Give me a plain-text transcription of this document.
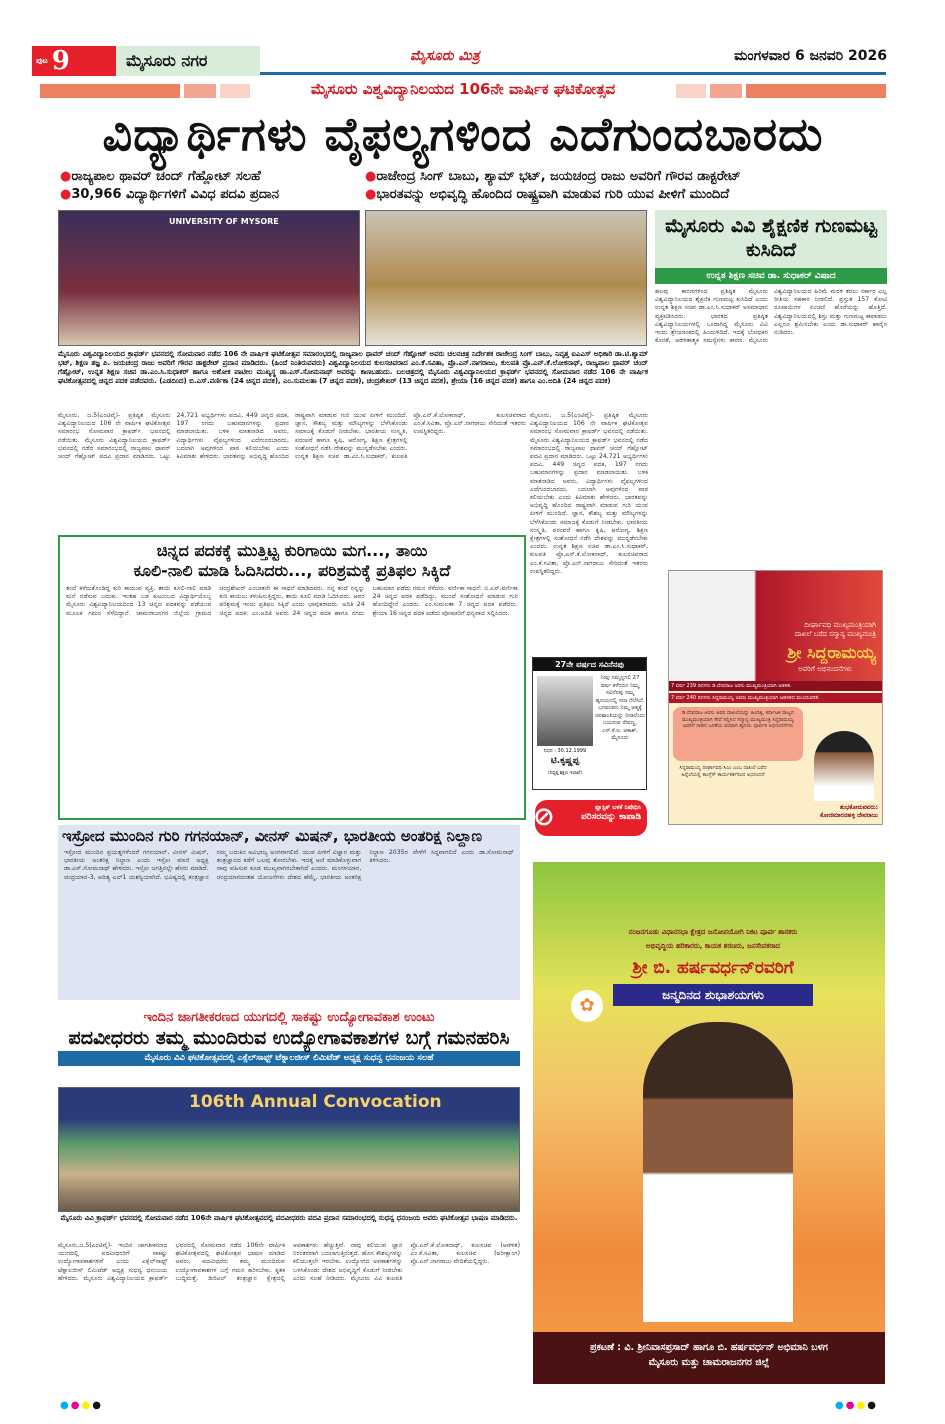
ಪುಟ 9	ಮೈಸೂರು ನಗರ	ಮೈಸೂರು ಮಿತ್ರ	ಮಂಗಳವಾರ 6 ಜನವರಿ 2026
ಮೈಸೂರು ವಿಶ್ವವಿದ್ಯಾನಿಲಯದ 106ನೇ ವಾರ್ಷಿಕ ಘಟಿಕೋತ್ಸವ
ವಿದ್ಯಾರ್ಥಿಗಳು ವೈಫಲ್ಯಗಳಿಂದ ಎದೆಗುಂದಬಾರದು
●ರಾಜ್ಯಪಾಲ ಥಾವರ್ ಚಂದ್ ಗೆಹ್ಲೋಟ್ ಸಲಹೆ
●30,966 ವಿದ್ಯಾರ್ಥಿಗಳಿಗೆ ವಿವಿಧ ಪದವಿ ಪ್ರದಾನ
●ರಾಜೇಂದ್ರ ಸಿಂಗ್ ಬಾಬು, ಶ್ಯಾಮ್ ಭಟ್, ಜಯಚಂದ್ರ ರಾಜು ಅವರಿಗೆ ಗೌರವ ಡಾಕ್ಟರೇಟ್
●ಭಾರತವನ್ನು ಅಭಿವೃದ್ಧಿ ಹೊಂದಿದ ರಾಷ್ಟ್ರವಾಗಿ ಮಾಡುವ ಗುರಿ ಯುವ ಪೀಳಿಗೆ ಮುಂದಿದೆ
UNIVERSITY OF MYSORE
ಮೈಸೂರು ವಿಶ್ವವಿದ್ಯಾನಿಲಯದ ಕ್ರಾಫರ್ಡ್ ಭವನದಲ್ಲಿ ಸೋಮವಾರ ನಡೆದ 106 ನೇ ವಾರ್ಷಿಕ ಘಟಿಕೋತ್ಸವ ಸಮಾರಂಭದಲ್ಲಿ ರಾಜ್ಯಪಾಲ ಥಾವರ್ ಚಂದ್ ಗೆಹ್ಲೋಟ್ ಅವರು ಚಲನಚಿತ್ರ ನಿರ್ದೇಶಕ ರಾಜೇಂದ್ರ ಸಿಂಗ್ ಬಾಬು, ನಿವೃತ್ತ ಐಎಎಸ್ ಅಧಿಕಾರಿ ಡಾ.ಟಿ.ಶ್ಯಾಮ್ ಭಟ್, ಶಿಕ್ಷಣ ತಜ್ಞ ಪಿ. ಜಯಚಂದ್ರ ರಾಜು ಅವರಿಗೆ ಗೌರವ ಡಾಕ್ಟರೇಟ್ ಪ್ರದಾನ ಮಾಡಿದರು. (ಹಿಂದೆ ನಿಂತಿರುವವರು) ವಿಶ್ವವಿದ್ಯಾನಿಲಯದ ಕುಲಸಚಿವರಾದ ಎಂ.ಕೆ.ಸವಿತಾ, ಪ್ರೊ.ಎನ್.ನಾಗರಾಜು, ಕುಲಪತಿ ಪ್ರೊ.ಎನ್.ಕೆ.ಲೋಕನಾಥ್, ರಾಜ್ಯಪಾಲ ಥಾವರ್ ಚಂದ್ ಗೆಹ್ಲೋಟ್, ಉನ್ನತ ಶಿಕ್ಷಣ ಸಚಿವ ಡಾ.ಎಂ.ಸಿ.ಸುಧಾಕರ್ ಹಾಗೂ ಅಶೋಕ ಪಾಟೀಲ ಮುಖ್ಯಸ್ಥ ಡಾ.ಎಸ್.ಸೋಮನಾಥ್ ಅವರನ್ನು ಕಾಣಬಹುದು. ಬಲಚಿತ್ರದಲ್ಲಿ ಮೈಸೂರು ವಿಶ್ವವಿದ್ಯಾನಿಲಯದ ಕ್ರಾಫರ್ಡ್ ಭವನದಲ್ಲಿ ಸೋಮವಾರ ನಡೆದ 106 ನೇ ವಾರ್ಷಿಕ ಘಟಿಕೋತ್ಸವದಲ್ಲಿ ಚಿನ್ನದ ಪದಕ ಪಡೆದವರು. (ಎಡದಿಂದ) ಬಿ.ಎಸ್.ವರ್ಣಿಕಾ (24 ಚಿನ್ನದ ಪದಕ), ಎಂ.ಸುಮಲತಾ (7 ಚಿನ್ನದ ಪದಕ), ಚಂದ್ರಶೇಖರ್ (13 ಚಿನ್ನದ ಪದಕ), ಶ್ರೇಯಾ (16 ಚಿನ್ನದ ಪದಕ) ಹಾಗೂ ಎಂ.ಅದಿತಿ (24 ಚಿನ್ನದ ಪದಕ)
ಮೈಸೂರು, ಜ.5(ಎಂಟಿವೈ)- ಪ್ರತಿಷ್ಠಿತ ಮೈಸೂರು ವಿಶ್ವವಿದ್ಯಾನಿಲಯದ 106 ನೇ ವಾರ್ಷಿಕ ಘಟಿಕೋತ್ಸವ ಸಮಾರಂಭ ಸೋಮವಾರ ಕ್ರಾಫರ್ಡ್ ಭವನದಲ್ಲಿ ನಡೆಯಿತು. ಮೈಸೂರು ವಿಶ್ವವಿದ್ಯಾನಿಲಯದ ಕ್ರಾಫರ್ಡ್ ಭವನದಲ್ಲಿ ನಡೆದ ಸಮಾರಂಭದಲ್ಲಿ ರಾಜ್ಯಪಾಲ ಥಾವರ್ ಚಂದ್ ಗೆಹ್ಲೋಟ್ ಪದವಿ ಪ್ರದಾನ ಮಾಡಿದರು. ಒಟ್ಟು 24,721 ಅಭ್ಯರ್ಥಿಗಳು ಪದವಿ, 449 ಚಿನ್ನದ ಪದಕ, 197 ನಗದು ಬಹುಮಾನಗಳನ್ನು ಪ್ರದಾನ ಮಾಡಲಾಯಿತು. ಬಳಿಕ ಮಾತನಾಡಿದ ಅವರು, ವಿದ್ಯಾರ್ಥಿಗಳು ವೈಫಲ್ಯಗಳಿಂದ ಎದೆಗುಂದಬಾರದು, ಬದಲಾಗಿ ಅವುಗಳಿಂದ ಪಾಠ ಕಲಿಯಬೇಕು ಎಂದು ಕಿವಿಮಾತು ಹೇಳಿದರು. ಭಾರತವನ್ನು ಅಭಿವೃದ್ಧಿ ಹೊಂದಿದ ರಾಷ್ಟ್ರವಾಗಿ ಮಾಡುವ ಗುರಿ ಯುವ ಪೀಳಿಗೆ ಮುಂದಿದೆ. ಜ್ಞಾನ, ಕೌಶಲ್ಯ ಮತ್ತು ಮೌಲ್ಯಗಳನ್ನು ಬೆಳೆಸಿಕೊಂಡು ಸಮಾಜಕ್ಕೆ ಕೊಡುಗೆ ನೀಡಬೇಕು. ಭಾರತೀಯ ಸಂಸ್ಕೃತಿ, ಪರಂಪರೆ ಹಾಗೂ ಕೃಷಿ, ಆರೋಗ್ಯ, ಶಿಕ್ಷಣ ಕ್ಷೇತ್ರಗಳಲ್ಲಿ ಸಂಶೋಧನೆ ನಡೆಸಿ ದೇಶವನ್ನು ಮುನ್ನಡೆಸಬೇಕು ಎಂದರು. ಉನ್ನತ ಶಿಕ್ಷಣ ಸಚಿವ ಡಾ.ಎಂ.ಸಿ.ಸುಧಾಕರ್, ಕುಲಪತಿ ಪ್ರೊ.ಎನ್.ಕೆ.ಲೋಕನಾಥ್, ಕುಲಸಚಿವರಾದ ಎಂ.ಕೆ.ಸವಿತಾ, ಪ್ರೊ.ಎನ್.ನಾಗರಾಜು ಸೇರಿದಂತೆ ಇತರರು ಉಪಸ್ಥಿತರಿದ್ದರು.
ಮೈಸೂರು, ಜ.5(ಎಂಟಿವೈ)- ಪ್ರತಿಷ್ಠಿತ ಮೈಸೂರು ವಿಶ್ವವಿದ್ಯಾನಿಲಯದ 106 ನೇ ವಾರ್ಷಿಕ ಘಟಿಕೋತ್ಸವ ಸಮಾರಂಭ ಸೋಮವಾರ ಕ್ರಾಫರ್ಡ್ ಭವನದಲ್ಲಿ ನಡೆಯಿತು. ಮೈಸೂರು ವಿಶ್ವವಿದ್ಯಾನಿಲಯದ ಕ್ರಾಫರ್ಡ್ ಭವನದಲ್ಲಿ ನಡೆದ ಸಮಾರಂಭದಲ್ಲಿ ರಾಜ್ಯಪಾಲ ಥಾವರ್ ಚಂದ್ ಗೆಹ್ಲೋಟ್ ಪದವಿ ಪ್ರದಾನ ಮಾಡಿದರು. ಒಟ್ಟು 24,721 ಅಭ್ಯರ್ಥಿಗಳು ಪದವಿ, 449 ಚಿನ್ನದ ಪದಕ, 197 ನಗದು ಬಹುಮಾನಗಳನ್ನು ಪ್ರದಾನ ಮಾಡಲಾಯಿತು. ಬಳಿಕ ಮಾತನಾಡಿದ ಅವರು, ವಿದ್ಯಾರ್ಥಿಗಳು ವೈಫಲ್ಯಗಳಿಂದ ಎದೆಗುಂದಬಾರದು, ಬದಲಾಗಿ ಅವುಗಳಿಂದ ಪಾಠ ಕಲಿಯಬೇಕು ಎಂದು ಕಿವಿಮಾತು ಹೇಳಿದರು. ಭಾರತವನ್ನು ಅಭಿವೃದ್ಧಿ ಹೊಂದಿದ ರಾಷ್ಟ್ರವಾಗಿ ಮಾಡುವ ಗುರಿ ಯುವ ಪೀಳಿಗೆ ಮುಂದಿದೆ. ಜ್ಞಾನ, ಕೌಶಲ್ಯ ಮತ್ತು ಮೌಲ್ಯಗಳನ್ನು ಬೆಳೆಸಿಕೊಂಡು ಸಮಾಜಕ್ಕೆ ಕೊಡುಗೆ ನೀಡಬೇಕು. ಭಾರತೀಯ ಸಂಸ್ಕೃತಿ, ಪರಂಪರೆ ಹಾಗೂ ಕೃಷಿ, ಆರೋಗ್ಯ, ಶಿಕ್ಷಣ ಕ್ಷೇತ್ರಗಳಲ್ಲಿ ಸಂಶೋಧನೆ ನಡೆಸಿ ದೇಶವನ್ನು ಮುನ್ನಡೆಸಬೇಕು ಎಂದರು. ಉನ್ನತ ಶಿಕ್ಷಣ ಸಚಿವ ಡಾ.ಎಂ.ಸಿ.ಸುಧಾಕರ್, ಕುಲಪತಿ ಪ್ರೊ.ಎನ್.ಕೆ.ಲೋಕನಾಥ್, ಕುಲಸಚಿವರಾದ ಎಂ.ಕೆ.ಸವಿತಾ, ಪ್ರೊ.ಎನ್.ನಾಗರಾಜು ಸೇರಿದಂತೆ ಇತರರು ಉಪಸ್ಥಿತರಿದ್ದರು.
ಮೈಸೂರು ವಿವಿ ಶೈಕ್ಷಣಿಕ ಗುಣಮಟ್ಟ ಕುಸಿದಿದೆ
ಉನ್ನತ ಶಿಕ್ಷಣ ಸಚಿವ ಡಾ. ಸುಧಾಕರ್ ವಿಷಾದ
ಹಲವು ಕಾರಣಗಳಿಂದ ಪ್ರತಿಷ್ಠಿತ ಮೈಸೂರು ವಿಶ್ವವಿದ್ಯಾನಿಲಯದ ಶೈಕ್ಷಣಿಕ ಗುಣಮಟ್ಟ ಕುಸಿದಿದೆ ಎಂದು ಉನ್ನತ ಶಿಕ್ಷಣ ಸಚಿವ ಡಾ.ಎಂ.ಸಿ.ಸುಧಾಕರ್ ಅಸಮಾಧಾನ ವ್ಯಕ್ತಪಡಿಸಿದರು. ಭಾರತದ ಪ್ರತಿಷ್ಠಿತ ವಿಶ್ವವಿದ್ಯಾನಿಲಯಗಳಲ್ಲಿ ಒಂದಾಗಿದ್ದ ಮೈಸೂರು ವಿವಿ ಇಂದು ಶ್ರೇಯಾಂಕದಲ್ಲಿ ಹಿಂದುಳಿದಿದೆ. ಇದಕ್ಕೆ ಬೋಧಕರ ಕೊರತೆ, ಆಡಳಿತಾತ್ಮಕ ಸಮಸ್ಯೆಗಳು ಕಾರಣ. ಮೈಸೂರು ವಿಶ್ವವಿದ್ಯಾನಿಲಯದ ಹಿರಿಮೆ ಮರಳಿ ತರಲು ಸರ್ಕಾರ ಎಲ್ಲ ರೀತಿಯ ಸಹಕಾರ ನೀಡಲಿದೆ. ಪ್ರಸ್ತುತ 157 ಕೋಟಿ ರೂಪಾಯಿಗಳ ಪಿಂಚಣಿ ಹೊರೆಯನ್ನು ಹೊತ್ತಿದೆ. ವಿಶ್ವವಿದ್ಯಾನಿಲಯದಲ್ಲಿ ಶಿಸ್ತು ಮತ್ತು ಗುಣಮಟ್ಟ ಕಾಪಾಡಲು ಎಲ್ಲರೂ ಶ್ರಮಿಸಬೇಕು ಎಂದು ಡಾ.ಸುಧಾಕರ್ ಹಾರೈಸಿ ನುಡಿದರು.
ಚಿನ್ನದ ಪದಕಕ್ಕೆ ಮುತ್ತಿಟ್ಟ ಕುರಿಗಾಯಿ ಮಗ..., ತಾಯಿ
ಕೂಲಿ-ನಾಲಿ ಮಾಡಿ ಓದಿಸಿದರು..., ಪರಿಶ್ರಮಕ್ಕೆ ಪ್ರತಿಫಲ ಸಿಕ್ಕಿದೆ
ತಂದೆ ಕಳೆದುಕೊಂಡಿದ್ದ ಕುರಿ ಕಾಯುವ ವ್ಯಕ್ತಿ, ತಾಯಿ ಕೂಲಿ-ನಾಲಿ ಮಾಡಿ ಮನೆ ನಡೆಸುವ ಬದುಕು. ಇಂತಹ ಬಡ ಕುಟುಂಬದ ವಿದ್ಯಾರ್ಥಿಯೊಬ್ಬ ಮೈಸೂರು ವಿಶ್ವವಿದ್ಯಾನಿಲಯದಿಂದ 13 ಚಿನ್ನದ ಪದಕವನ್ನು ಪಡೆಯುವ ಮೂಲಕ ಗಮನ ಸೆಳೆದಿದ್ದಾನೆ. ಚಾಮರಾಜನಗರ ಜಿಲ್ಲೆಯ ಗ್ರಾಮದ ಚಂದ್ರಶೇಖರ್ ಎಂಬಾತನೇ ಈ ಸಾಧನೆ ಮಾಡಿದವರು. ನನ್ನ ತಂದೆ ನನ್ನನ್ನು ಕುರಿ ಕಾಯಲು ಕಳುಹಿಸುತ್ತಿದ್ದರು, ತಾಯಿ ಕೂಲಿ ಮಾಡಿ ಓದಿಸಿದರು. ಅವರ ಪರಿಶ್ರಮಕ್ಕೆ ಇಂದು ಪ್ರತಿಫಲ ಸಿಕ್ಕಿದೆ ಎಂದು ಭಾವುಕರಾದರು. ಅದಿತಿ 24 ಚಿನ್ನದ ಪದಕ: ಎಂ.ಅದಿತಿ ಅವರು 24 ಚಿನ್ನದ ಪದಕ ಹಾಗೂ ನಗದು ಬಹುಮಾನ ಪಡೆದು ಗಮನ ಸೆಳೆದರು. ವರ್ಣಿಕಾ ಸಾಧನೆ: ಬಿ.ಎಸ್.ವರ್ಣಿಕಾ 24 ಚಿನ್ನದ ಪದಕ ಪಡೆದಿದ್ದು, ಮುಂದೆ ಸಂಶೋಧನೆ ಮಾಡುವ ಗುರಿ ಹೊಂದಿದ್ದೇನೆ ಎಂದರು. ಎಂ.ಸುಮಲತಾ 7 ಚಿನ್ನದ ಪದಕ ಪಡೆದರು. ಶ್ರೇಯಾ 16 ಚಿನ್ನದ ಪದಕ ಪಡೆದು ಪೋಷಕರಿಗೆ ಧನ್ಯವಾದ ಸಲ್ಲಿಸಿದರು.
27ನೇ ವರ್ಷದ ಸವಿನೆನಪು
ನೀವು ನಮ್ಮನ್ನಗಲಿ 27 ವರ್ಷ ಕಳೆದರೂ ನಿಮ್ಮ ಸವಿನೆನಪು ನಮ್ಮ ಹೃದಯದಲ್ಲಿ ಸದಾ ನೆಲೆಸಿದೆ. ಭಗವಂತನು ನಿಮ್ಮ ಆತ್ಮಕ್ಕೆ ಚಿರಶಾಂತಿಯನ್ನು ನೀಡಲೆಂದು ಬಯಸುವ ರೇವಣ್ಣ, ಎಸ್.ಕೆ.ಐ. ಆಕಾಶ್, ಮೈಸೂರು
ನಿಧನ : 30.12.1999
ಟಿ.ಕೃಷ್ಣಪ್ಪ
(ನಿವೃತ್ತ ಶಿಕ್ಷಣ ಇಲಾಖೆ)
⊘	ಪ್ಲಾಸ್ಟಿಕ್ ಬಳಕೆ ನಿಷೇಧಿಸಿ
ಪರಿಸರವನ್ನು ಕಾಪಾಡಿ
ದೀರ್ಘಾವಧಿ ಮುಖ್ಯಮಂತ್ರಿಯಾಗಿ
ದಾಖಲೆ ಬರೆದ ಸನ್ಮಾನ್ಯ ಮುಖ್ಯಮಂತ್ರಿ
ಶ್ರೀ ಸಿದ್ದರಾಮಯ್ಯ
ಅವರಿಗೆ ಅಭಿನಂದನೆಗಳು
7 ವರ್ಷ 239 ದಿನಗಳು ಡಿ.ದೇವರಾಜ ಅರಸು ಮುಖ್ಯಮಂತ್ರಿಯಾಗಿ ಆಡಳಿತ.
7 ವರ್ಷ 240 ದಿನಗಳು ಸಿದ್ದರಾಮಯ್ಯ ಅವರು ಮುಖ್ಯಮಂತ್ರಿಯಾಗಿ ಆಡಳಿತದ ಮುಂದುವರಿಕೆ.
ಡಿ.ದೇವರಾಜ ಅರಸು ಅವರ ದಾಖಲೆಯನ್ನು ಹಿಂದಿಕ್ಕಿ, ಕರ್ನಾಟಕ ರಾಜ್ಯದ ಮುಖ್ಯಮಂತ್ರಿಯಾಗಿ ಸೇವೆ ಸಲ್ಲಿಸಿದ ಸನ್ಮಾನ್ಯ ಮುಖ್ಯಮಂತ್ರಿ ಸಿದ್ದರಾಮಯ್ಯ ಅವರಿಗೆ ನಾಡಿನ ಜನತೆಯ ಪರವಾಗಿ ಹೃದಯ ಪೂರ್ವಕ ಅಭಿನಂದನೆಗಳು
ಸಿದ್ದರಾಮಯ್ಯ ದೀರ್ಘಾವಧಿ ಸಿಎಂ ಎಂಬ ದಾಖಲೆ ಬರೆದ ಹಿನ್ನೆಲೆಯಲ್ಲಿ ಕಾಂಗ್ರೆಸ್ ಕಾರ್ಯಕರ್ತರಿಂದ ಅಭಿನಂದನೆ
ಶುಭಕೋರುವವರು:
ಕೋಣಿಮಾರನಹಳ್ಳಿ ದೇವರಾಜು
ಇಸ್ರೋದ ಮುಂದಿನ ಗುರಿ ಗಗನಯಾನ್, ವೀನಸ್ ಮಿಷನ್, ಭಾರತೀಯ ಅಂತರಿಕ್ಷ ನಿಲ್ದಾಣ
ಇಸ್ರೋದ ಮುಂದಿನ ಪ್ರಯತ್ನಗಳೆಂದರೆ ಗಗನಯಾನ್, ವೀನಸ್ ಮಿಷನ್, ಭಾರತೀಯ ಅಂತರಿಕ್ಷ ನಿಲ್ದಾಣ ಎಂದು ಇಸ್ರೋ ಮಾಜಿ ಅಧ್ಯಕ್ಷ ಡಾ.ಎಸ್.ಸೋಮನಾಥ್ ಹೇಳಿದರು. ಇಸ್ರೋ ಜಗತ್ತಿನಲ್ಲೇ ಹೆಸರು ಮಾಡಿದೆ. ಚಂದ್ರಯಾನ-3, ಆದಿತ್ಯ ಎಲ್1 ಯಶಸ್ವಿಯಾಗಿದೆ. ಭವಿಷ್ಯದಲ್ಲಿ ತಂತ್ರಜ್ಞಾನ ನಮ್ಮ ಬದುಕಿನ ಅವಿಭಾಜ್ಯ ಅಂಗವಾಗಲಿದೆ. ಯುವ ಪೀಳಿಗೆ ವಿಜ್ಞಾನ ಮತ್ತು ತಂತ್ರಜ್ಞಾನದ ಕಡೆಗೆ ಒಲವು ತೋರಬೇಕು. ಇದಕ್ಕೆ ಅಣಿ ಮಾಡಿಕೊಳ್ಳುವಾಗ ನಾವು ವಹಿಸುವ ಕೂಡ ಮುಖ್ಯವಾಗಿರಬೇಕಾಗಿದೆ ಎಂದರು. ಮಂಗಳಯಾನ, ಚಂದ್ರಯಾನದಂತಹ ಯೋಜನೆಗಳು ದೇಶದ ಹೆಮ್ಮೆ. ಭಾರತೀಯ ಅಂತರಿಕ್ಷ ನಿಲ್ದಾಣ 2035ರ ವೇಳೆಗೆ ಸಿದ್ಧವಾಗಲಿದೆ ಎಂದು ಡಾ.ಸೋಮನಾಥ್ ತಿಳಿಸಿದರು.
ನಂಜನಗೂಡು ವಿಧಾನಸಭಾ ಕ್ಷೇತ್ರದ ಜನೋಪಯೋಗಿ ನಿಕಟ ಪೂರ್ವ ಶಾಸಕರು
ಅಭಿವೃದ್ಧಿಯ ಹರಿಕಾರರು, ಕಾಯಕ ಶರಣರು, ಜನಸೇವಕರಾದ
ಶ್ರೀ ಬಿ. ಹರ್ಷವರ್ಧನ್‌ರವರಿಗೆ
ಜನ್ಮದಿನದ ಶುಭಾಶಯಗಳು
✿
ಪ್ರಕಟಣೆ : ವಿ. ಶ್ರೀನಿವಾಸಪ್ರಸಾದ್ ಹಾಗೂ ಬಿ. ಹರ್ಷವರ್ಧನ್ ಅಭಿಮಾನಿ ಬಳಗ
ಮೈಸೂರು ಮತ್ತು ಚಾಮರಾಜನಗರ ಜಿಲ್ಲೆ
ಇಂದಿನ ಜಾಗತೀಕರಣದ ಯುಗದಲ್ಲಿ ಸಾಕಷ್ಟು ಉದ್ಯೋಗಾವಕಾಶ ಉಂಟು
ಪದವೀಧರರು ತಮ್ಮ ಮುಂದಿರುವ ಉದ್ಯೋಗಾವಕಾಶಗಳ ಬಗ್ಗೆ ಗಮನಹರಿಸಿ
ಮೈಸೂರು ವಿವಿ ಘಟಿಕೋತ್ಸವದಲ್ಲಿ ಎಕ್ಸೆಲ್‌ಸಾಫ್ಟ್ ಟೆಕ್ನಾಲಜೀಸ್ ಲಿಮಿಟೆಡ್ ಅಧ್ಯಕ್ಷ ಸುಧನ್ವ ಧನಂಜಯ ಸಲಹೆ
106th Annual Convocation
ಮೈಸೂರು ವಿವಿ ಕ್ರಾಫರ್ಡ್ ಭವನದಲ್ಲಿ ಸೋಮವಾರ ನಡೆದ 106ನೇ ವಾರ್ಷಿಕ ಘಟಿಕೋತ್ಸವದಲ್ಲಿ ಪದವೀಧರರು ಪದವಿ ಪ್ರದಾನ ಸಮಾರಂಭದಲ್ಲಿ ಸುಧನ್ವ ಧನಂಜಯ ಅವರು ಘಟಿಕೋತ್ಸವ ಭಾಷಣ ಮಾಡಿದರು.
ಮೈಸೂರು,ಜ.5(ಎಂಟಿವೈ)- ಇಂದಿನ ಜಾಗತೀಕರಣದ ಯುಗದಲ್ಲಿ ಪದವೀಧರರಿಗೆ ಸಾಕಷ್ಟು ಉದ್ಯೋಗಾವಕಾಶಗಳಿವೆ ಎಂದು ಎಕ್ಸೆಲ್‌ಸಾಫ್ಟ್ ಟೆಕ್ನಾಲಜೀಸ್ ಲಿಮಿಟೆಡ್ ಅಧ್ಯಕ್ಷ ಸುಧನ್ವ ಧನಂಜಯ ಹೇಳಿದರು. ಮೈಸೂರು ವಿಶ್ವವಿದ್ಯಾನಿಲಯದ ಕ್ರಾಫರ್ಡ್ ಭವನದಲ್ಲಿ ಸೋಮವಾರ ನಡೆದ 106ನೇ ವಾರ್ಷಿಕ ಘಟಿಕೋತ್ಸವದಲ್ಲಿ ಘಟಿಕೋತ್ಸವ ಭಾಷಣ ಮಾಡಿದ ಅವರು, ಪದವೀಧರರು ತಮ್ಮ ಮುಂದಿರುವ ಉದ್ಯೋಗಾವಕಾಶಗಳ ಬಗ್ಗೆ ಗಮನ ಹರಿಸಬೇಕು. ಕೃತಕ ಬುದ್ಧಿಮತ್ತೆ, ಡಿಜಿಟಲ್ ತಂತ್ರಜ್ಞಾನ ಕ್ಷೇತ್ರದಲ್ಲಿ ಅವಕಾಶಗಳು ಹೆಚ್ಚುತ್ತಿವೆ. ನಾವು ಕಲಿಯುವ ಜ್ಞಾನ ನಿರಂತರವಾಗಿ ಬದಲಾಗುತ್ತಿರುತ್ತದೆ. ಹೊಸ ಕೌಶಲ್ಯಗಳನ್ನು ಕಲಿಯುತ್ತಲೇ ಇರಬೇಕು. ಉದ್ಯೋಗದ ಅವಕಾಶಗಳನ್ನು ಬಳಸಿಕೊಂಡು ದೇಶದ ಅಭಿವೃದ್ಧಿಗೆ ಕೊಡುಗೆ ನೀಡಬೇಕು ಎಂದು ಸಲಹೆ ನೀಡಿದರು. ಮೈಸೂರು ವಿವಿ ಕುಲಪತಿ ಪ್ರೊ.ಎನ್.ಕೆ.ಲೋಕನಾಥ್, ಕುಲಸಚಿವ (ಆಡಳಿತ) ಎಂ.ಕೆ.ಸವಿತಾ, ಕುಲಸಚಿವ (ಪರೀಕ್ಷಾಂಗ) ಪ್ರೊ.ಎನ್.ನಾಗರಾಜು ವೇದಿಕೆಯಲ್ಲಿದ್ದರು.
●●●●	●●●●
